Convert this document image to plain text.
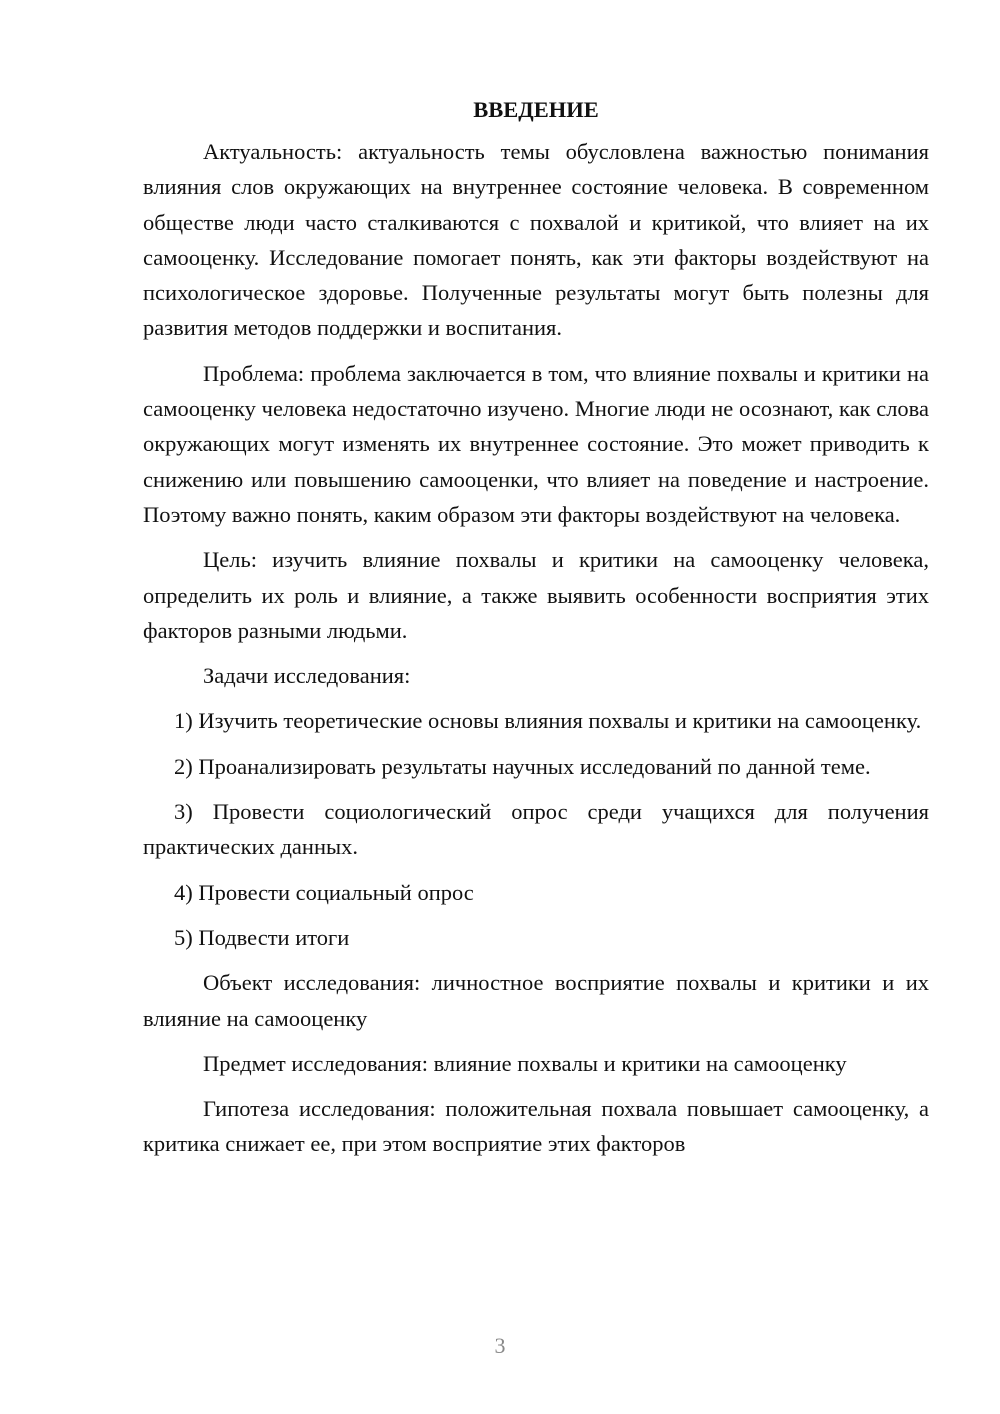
ВВЕДЕНИЕ

Актуальность: актуальность темы обусловлена важностью понимания влияния слов окружающих на внутреннее состояние человека. В современном обществе люди часто сталкиваются с похвалой и критикой, что влияет на их самооценку. Исследование помогает понять, как эти факторы воздействуют на психологическое здоровье. Полученные результаты могут быть полезны для развития методов поддержки и воспитания.

Проблема: проблема заключается в том, что влияние похвалы и критики на самооценку человека недостаточно изучено. Многие люди не осознают, как слова окружающих могут изменять их внутреннее состояние. Это может приводить к снижению или повышению самооценки, что влияет на поведение и настроение. Поэтому важно понять, каким образом эти факторы воздействуют на человека.

Цель: изучить влияние похвалы и критики на самооценку человека, определить их роль и влияние, а также выявить особенности восприятия этих факторов разными людьми.

Задачи исследования:

1) Изучить теоретические основы влияния похвалы и критики на самооценку.

2) Проанализировать результаты научных исследований по данной теме.

3) Провести социологический опрос среди учащихся для получения практических данных.

4) Провести социальный опрос

5) Подвести итоги

Объект исследования: личностное восприятие похвалы и критики и их влияние на самооценку

Предмет исследования: влияние похвалы и критики на самооценку

Гипотеза исследования: положительная похвала повышает самооценку, а критика снижает ее, при этом восприятие этих факторов

3
